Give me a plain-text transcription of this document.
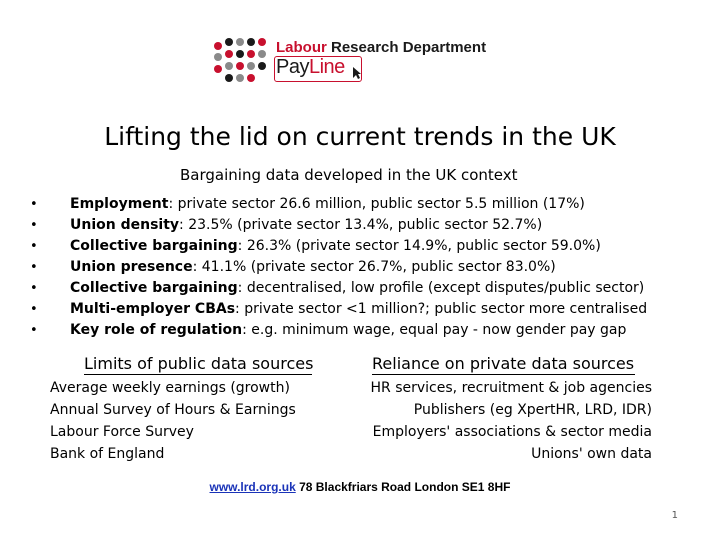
Labour Research Department
PayLine
Lifting the lid on current trends in the UK
Bargaining data developed in the UK context
• Employment: private sector 26.6 million, public sector 5.5 million (17%)
• Union density: 23.5% (private sector 13.4%, public sector 52.7%)
• Collective bargaining: 26.3% (private sector 14.9%, public sector 59.0%)
• Union presence: 41.1% (private sector 26.7%, public sector 83.0%)
• Collective bargaining: decentralised, low profile (except disputes/public sector)
• Multi-employer CBAs: private sector <1 million?; public sector more centralised
• Key role of regulation: e.g. minimum wage, equal pay - now gender pay gap
Limits of public data sources	Reliance on private data sources
Average weekly earnings (growth)
Annual Survey of Hours & Earnings
Labour Force Survey
Bank of England
HR services, recruitment & job agencies
Publishers (eg XpertHR, LRD, IDR)
Employers' associations & sector media
Unions' own data
www.lrd.org.uk 78 Blackfriars Road London SE1 8HF
1
